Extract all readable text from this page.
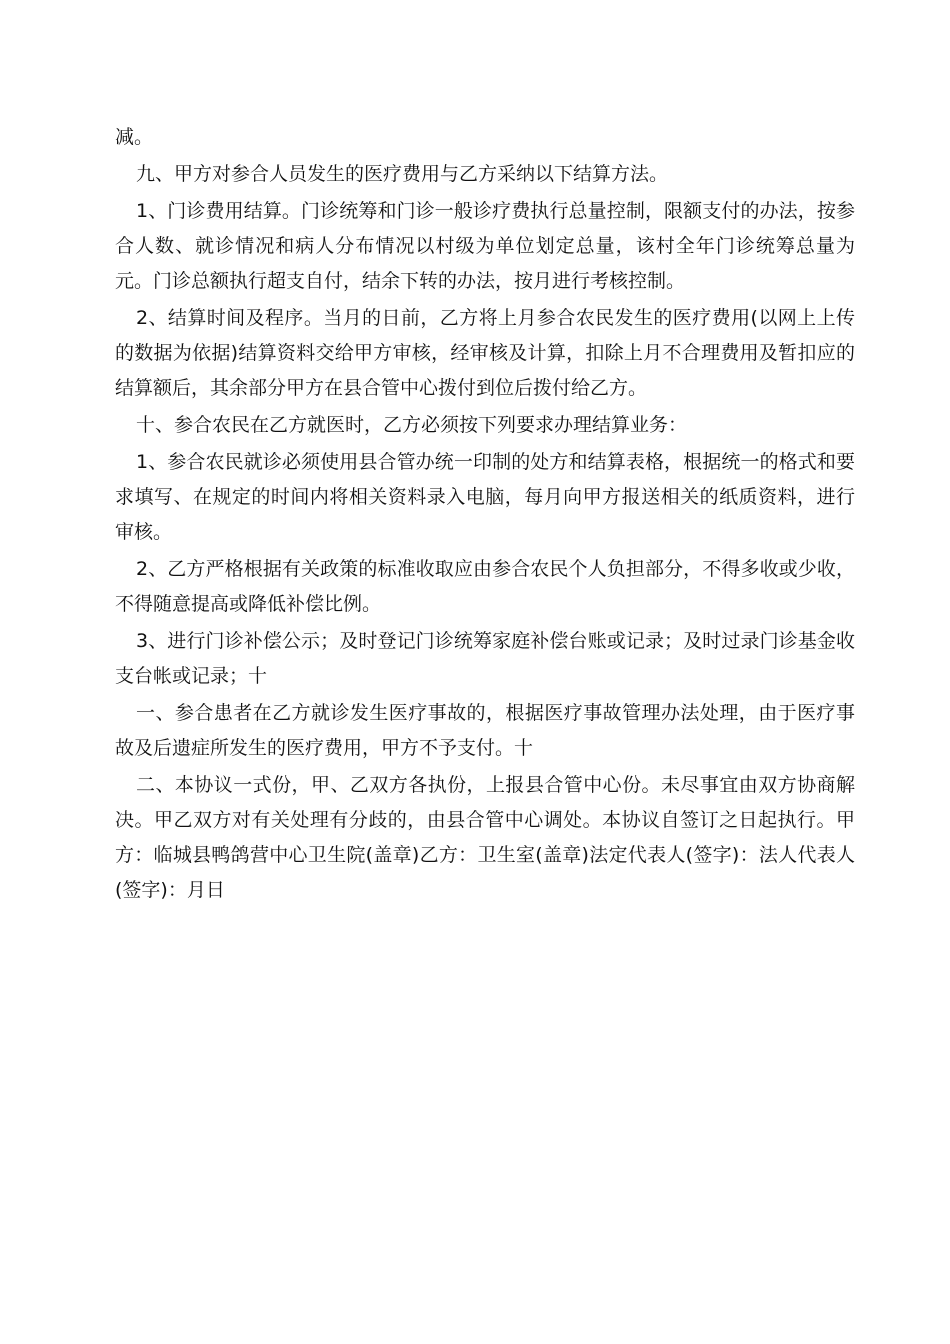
减。

九、甲方对参合人员发生的医疗费用与乙方采纳以下结算方法。

1、门诊费用结算。门诊统筹和门诊一般诊疗费执行总量控制，限额支付的办法，按参合人数、就诊情况和病人分布情况以村级为单位划定总量，该村全年门诊统筹总量为元。门诊总额执行超支自付，结余下转的办法，按月进行考核控制。

2、结算时间及程序。当月的日前，乙方将上月参合农民发生的医疗费用(以网上上传的数据为依据)结算资料交给甲方审核，经审核及计算，扣除上月不合理费用及暂扣应的结算额后，其余部分甲方在县合管中心拨付到位后拨付给乙方。

十、参合农民在乙方就医时，乙方必须按下列要求办理结算业务：

1、参合农民就诊必须使用县合管办统一印制的处方和结算表格，根据统一的格式和要求填写、在规定的时间内将相关资料录入电脑，每月向甲方报送相关的纸质资料，进行审核。

2、乙方严格根据有关政策的标准收取应由参合农民个人负担部分，不得多收或少收，不得随意提高或降低补偿比例。

3、进行门诊补偿公示；及时登记门诊统筹家庭补偿台账或记录；及时过录门诊基金收支台帐或记录；十

一、参合患者在乙方就诊发生医疗事故的，根据医疗事故管理办法处理，由于医疗事故及后遗症所发生的医疗费用，甲方不予支付。十

二、本协议一式份，甲、乙双方各执份，上报县合管中心份。未尽事宜由双方协商解决。甲乙双方对有关处理有分歧的，由县合管中心调处。本协议自签订之日起执行。甲方：临城县鸭鸽营中心卫生院(盖章)乙方：卫生室(盖章)法定代表人(签字)：法人代表人(签字)：月日
